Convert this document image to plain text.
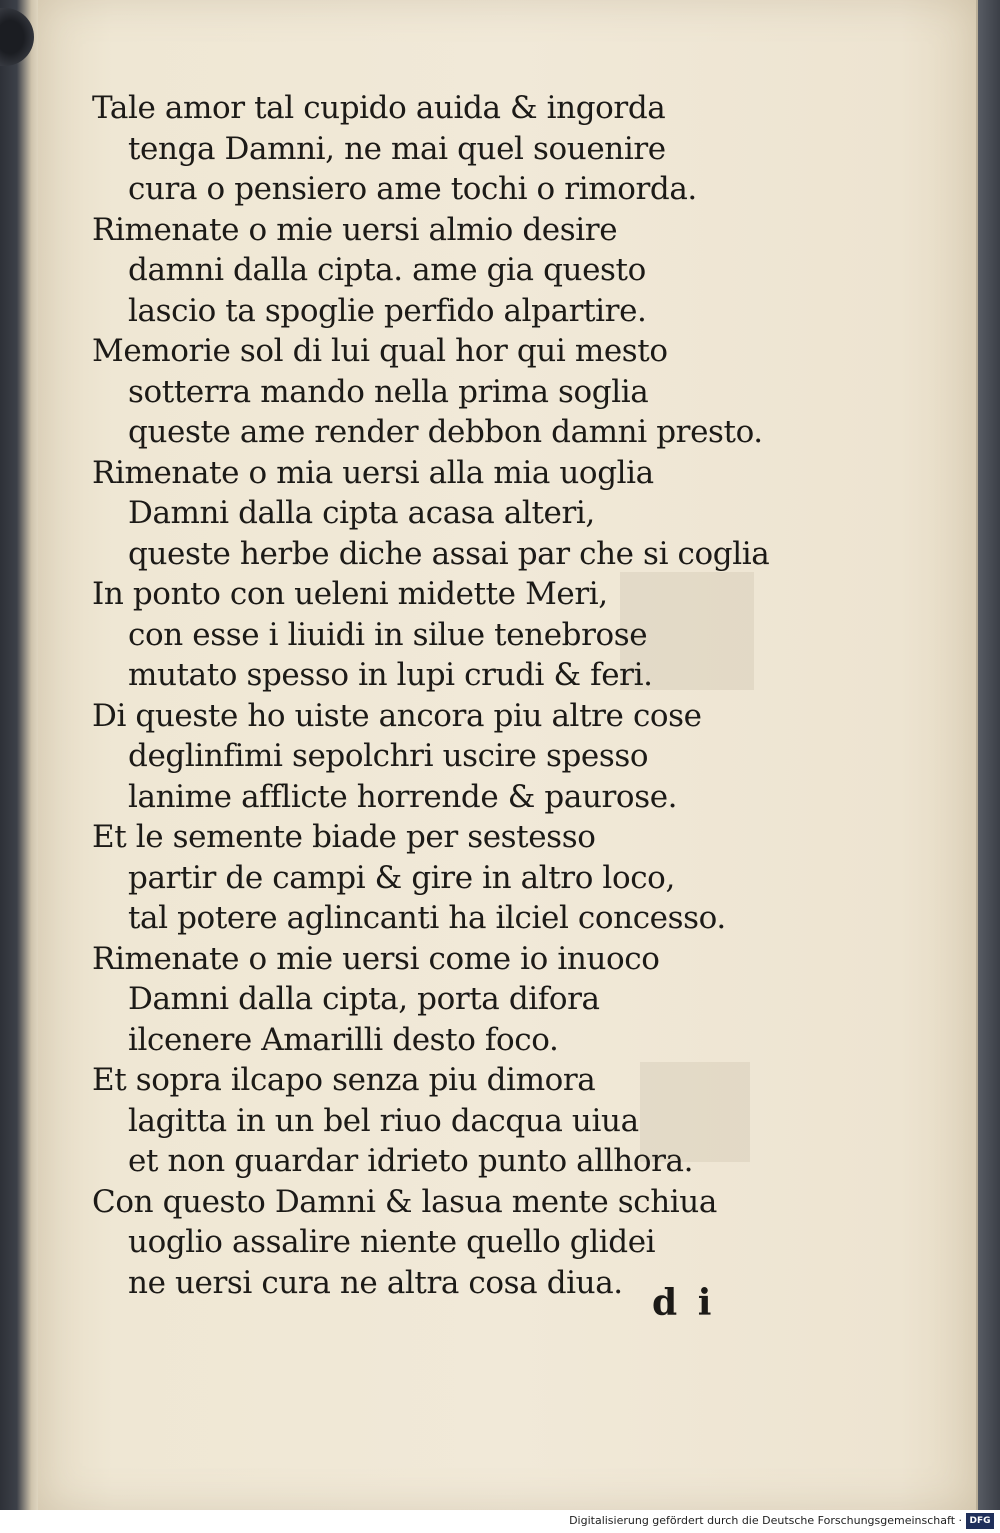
Tale amor tal cupido auida & ingorda
tenga Damni, ne mai quel souenire
cura o pensiero ame tochi o rimorda.
Rimenate o mie uersi almio desire
damni dalla cipta. ame gia questo
lascio ta spoglie perfido alpartire.
Memorie sol di lui qual hor qui mesto
sotterra mando nella prima soglia
queste ame render debbon damni presto.
Rimenate o mia uersi alla mia uoglia
Damni dalla cipta acasa alteri,
queste herbe diche assai par che si coglia
In ponto con ueleni midette Meri,
con esse i liuidi in silue tenebrose
mutato spesso in lupi crudi & feri.
Di queste ho uiste ancora piu altre cose
deglinfimi sepolchri uscire spesso
lanime afflicte horrende & paurose.
Et le semente biade per sestesso
partir de campi & gire in altro loco,
tal potere aglincanti ha ilciel concesso.
Rimenate o mie uersi come io inuoco
Damni dalla cipta, porta difora
ilcenere Amarilli desto foco.
Et sopra ilcapo senza piu dimora
lagitta in un bel riuo dacqua uiua
et non guardar idrieto punto allhora.
Con questo Damni & lasua mente schiua
uoglio assalire niente quello glidei
ne uersi cura ne altra cosa diua. d i
Digitalisierung gefördert durch die Deutsche Forschungsgemeinschaft · DFG
